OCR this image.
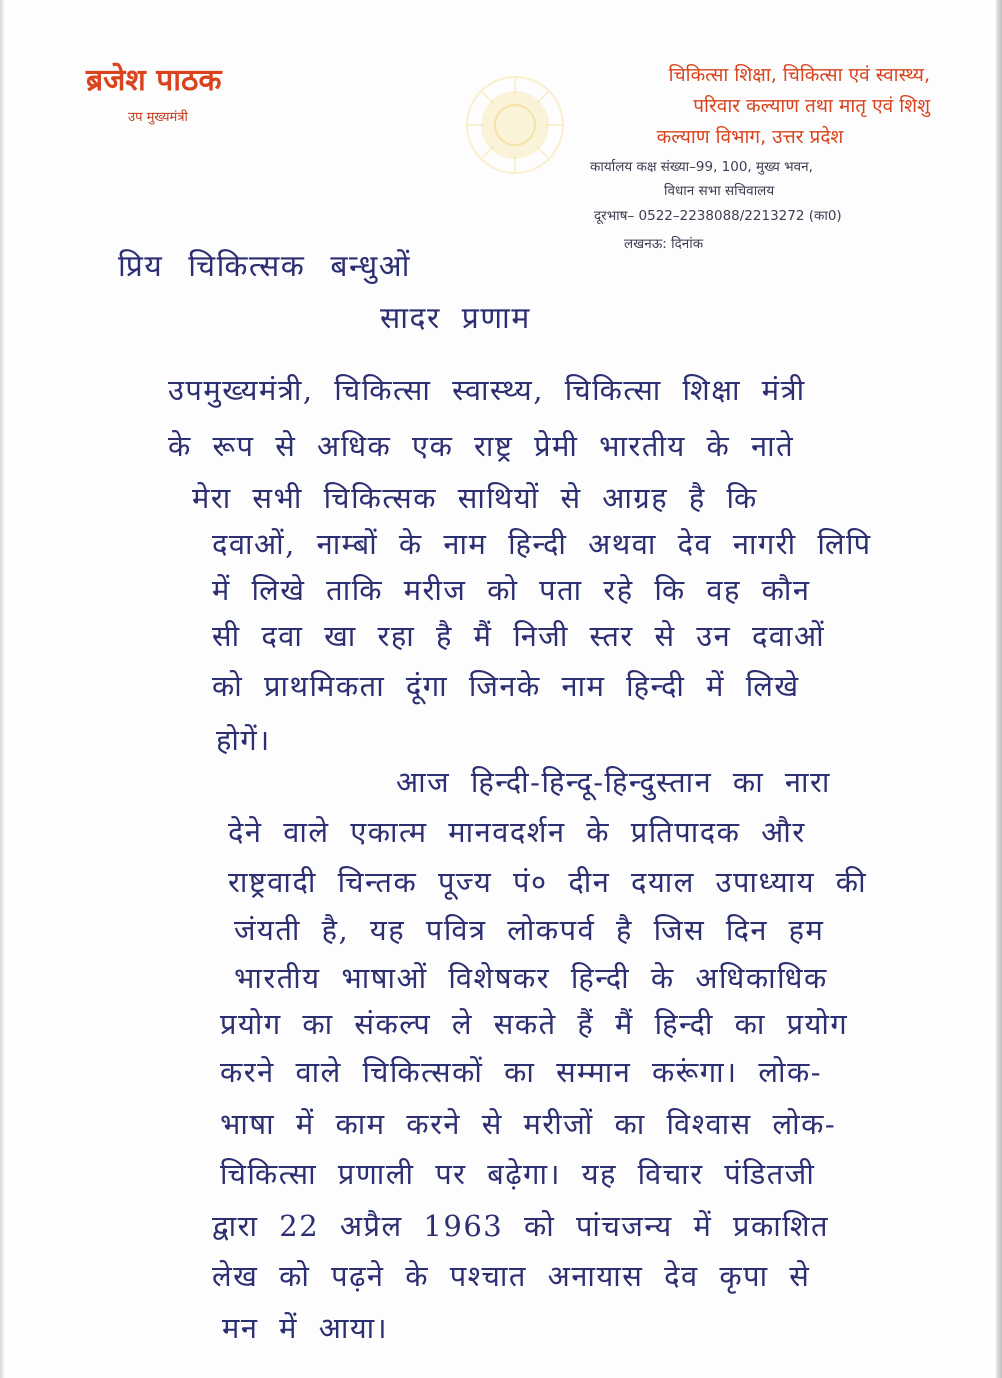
ब्रजेश पाठक
उप मुख्यमंत्री
चिकित्सा शिक्षा, चिकित्सा एवं स्वास्थ्य,
परिवार कल्याण तथा मातृ एवं शिशु
कल्याण विभाग, उत्तर प्रदेश
कार्यालय कक्ष संख्या–99, 100, मुख्य भवन,
विधान सभा सचिवालय
दूरभाष– 0522–2238088/2213272 (का0)
लखनऊ: दिनांक
प्रिय चिकित्सक बन्धुओं
सादर प्रणाम
उपमुख्यमंत्री, चिकित्सा स्वास्थ्य, चिकित्सा शिक्षा मंत्री
के रूप से अधिक एक राष्ट्र प्रेमी भारतीय के नाते
मेरा सभी चिकित्सक साथियों से आग्रह है कि
दवाओं, नाम्बों के नाम हिन्दी अथवा देव नागरी लिपि
में लिखे ताकि मरीज को पता रहे कि वह कौन
सी दवा खा रहा है मैं निजी स्तर से उन दवाओं
को प्राथमिकता दूंगा जिनके नाम हिन्दी में लिखे
होगें।
आज हिन्दी-हिन्दू-हिन्दुस्तान का नारा
देने वाले एकात्म मानवदर्शन के प्रतिपादक और
राष्ट्रवादी चिन्तक पूज्य पं० दीन दयाल उपाध्याय की
जंयती है, यह पवित्र लोकपर्व है जिस दिन हम
भारतीय भाषाओं विशेषकर हिन्दी के अधिकाधिक
प्रयोग का संकल्प ले सकते हैं मैं हिन्दी का प्रयोग
करने वाले चिकित्सकों का सम्मान करूंगा। लोक-
भाषा में काम करने से मरीजों का विश्वास लोक-
चिकित्सा प्रणाली पर बढ़ेगा। यह विचार पंडितजी
द्वारा 22 अप्रैल 1963 को पांचजन्य में प्रकाशित
लेख को पढ़ने के पश्चात अनायास देव कृपा से
मन में आया।
